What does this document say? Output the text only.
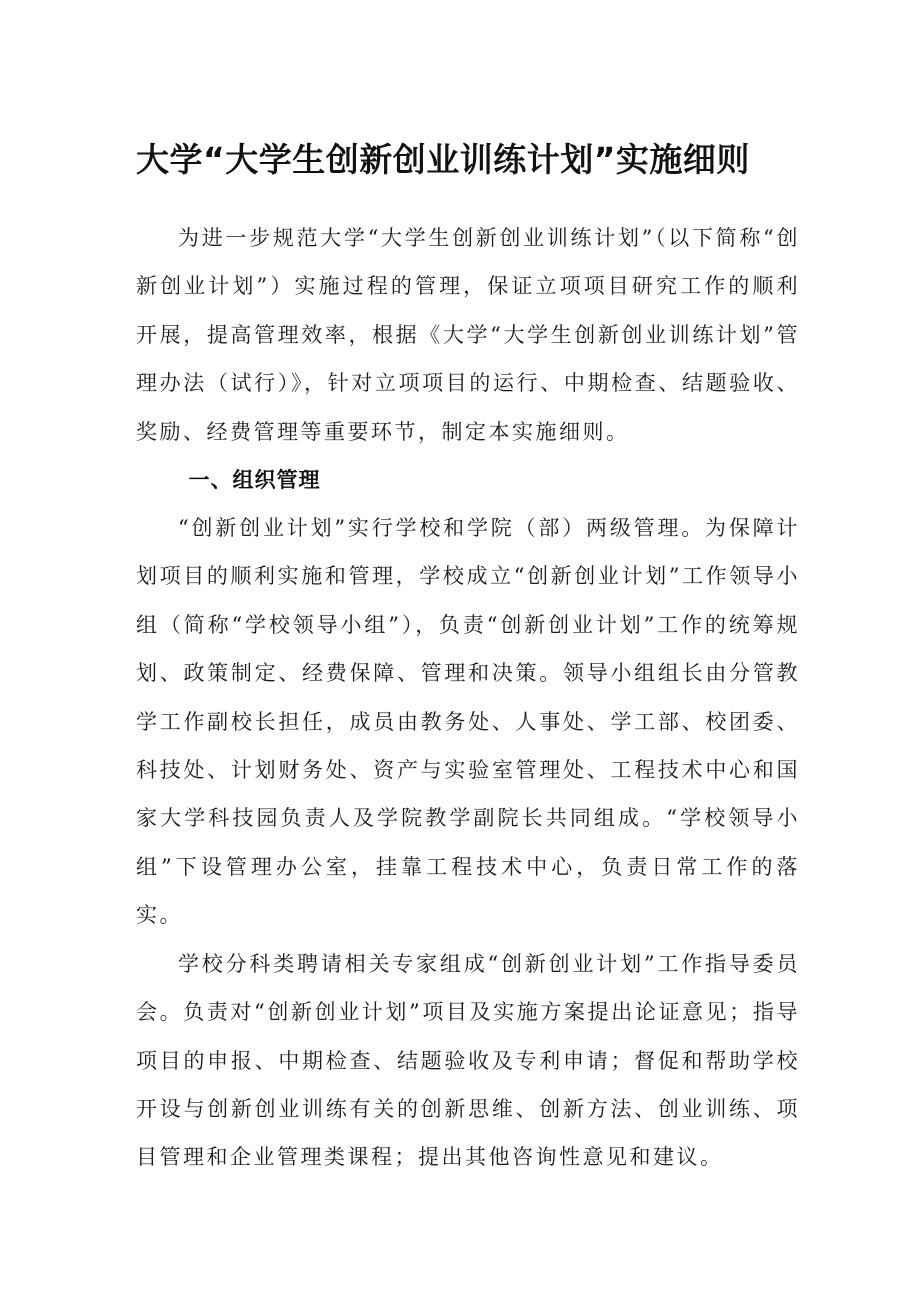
大学“大学生创新创业训练计划”实施细则

为进一步规范大学“大学生创新创业训练计划”（以下简称“创新创业计划”）实施过程的管理，保证立项项目研究工作的顺利开展，提高管理效率，根据《大学“大学生创新创业训练计划”管理办法（试行）》，针对立项项目的运行、中期检查、结题验收、奖励、经费管理等重要环节，制定本实施细则。

一、组织管理

“创新创业计划”实行学校和学院（部）两级管理。为保障计划项目的顺利实施和管理，学校成立“创新创业计划”工作领导小组（简称“学校领导小组”），负责“创新创业计划”工作的统筹规划、政策制定、经费保障、管理和决策。领导小组组长由分管教学工作副校长担任，成员由教务处、人事处、学工部、校团委、科技处、计划财务处、资产与实验室管理处、工程技术中心和国家大学科技园负责人及学院教学副院长共同组成。“学校领导小组”下设管理办公室，挂靠工程技术中心，负责日常工作的落实。

学校分科类聘请相关专家组成“创新创业计划”工作指导委员会。负责对“创新创业计划”项目及实施方案提出论证意见；指导项目的申报、中期检查、结题验收及专利申请；督促和帮助学校开设与创新创业训练有关的创新思维、创新方法、创业训练、项目管理和企业管理类课程；提出其他咨询性意见和建议。
